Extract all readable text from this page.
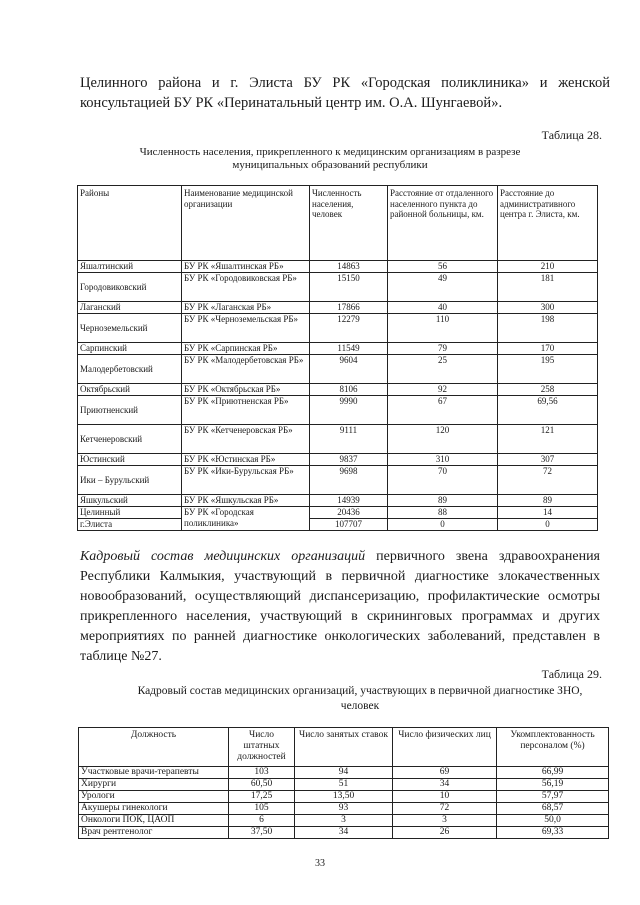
Целинного района и г. Элиста БУ РК «Городская поликлиника» и женской консультацией БУ РК «Перинатальный центр им. О.А. Шунгаевой».

Таблица 28.

Численность населения, прикрепленного к медицинским организациям в разрезе муниципальных образований республики

Районы	Наименование медицинской организации	Численность населения, человек	Расстояние от отдаленного населенного пункта до районной больницы, км.	Расстояние до административного центра г. Элиста, км.
Яшалтинский	БУ РК «Яшалтинская РБ»	14863	56	210
Городовиковский	БУ РК «Городовиковская РБ»	15150	49	181
Лаганский	БУ РК «Лаганская РБ»	17866	40	300
Черноземельский	БУ РК «Черноземельская РБ»	12279	110	198
Сарпинский	БУ РК «Сарпинская РБ»	11549	79	170
Малодербетовский	БУ РК «Малодербетовская РБ»	9604	25	195
Октябрьский	БУ РК «Октябрьская РБ»	8106	92	258
Приютненский	БУ РК «Приютненская РБ»	9990	67	69,56
Кетченеровский	БУ РК «Кетченеровская РБ»	9111	120	121
Юстинский	БУ РК «Юстинская РБ»	9837	310	307
Ики – Бурульский	БУ РК «Ики-Бурульская РБ»	9698	70	72
Яшкульский	БУ РК «Яшкульская РБ»	14939	89	89
Целинный	БУ РК «Городская поликлиника»	20436	88	14
г.Элиста		107707	0	0

Кадровый состав медицинских организаций первичного звена здравоохранения Республики Калмыкия, участвующий в первичной диагностике злокачественных новообразований, осуществляющий диспансеризацию, профилактические осмотры прикрепленного населения, участвующий в скрининговых программах и других мероприятиях по ранней диагностике онкологических заболеваний, представлен в таблице №27.

Таблица 29.

Кадровый состав медицинских организаций, участвующих в первичной диагностике ЗНО, человек

Должность	Число штатных должностей	Число занятых ставок	Число физических лиц	Укомплектованность персоналом (%)
Участковые врачи-терапевты	103	94	69	66,99
Хирурги	60,50	51	34	56,19
Урологи	17,25	13,50	10	57,97
Акушеры гинекологи	105	93	72	68,57
Онкологи ПОК, ЦАОП	6	3	3	50,0
Врач рентгенолог	37,50	34	26	69,33

33
